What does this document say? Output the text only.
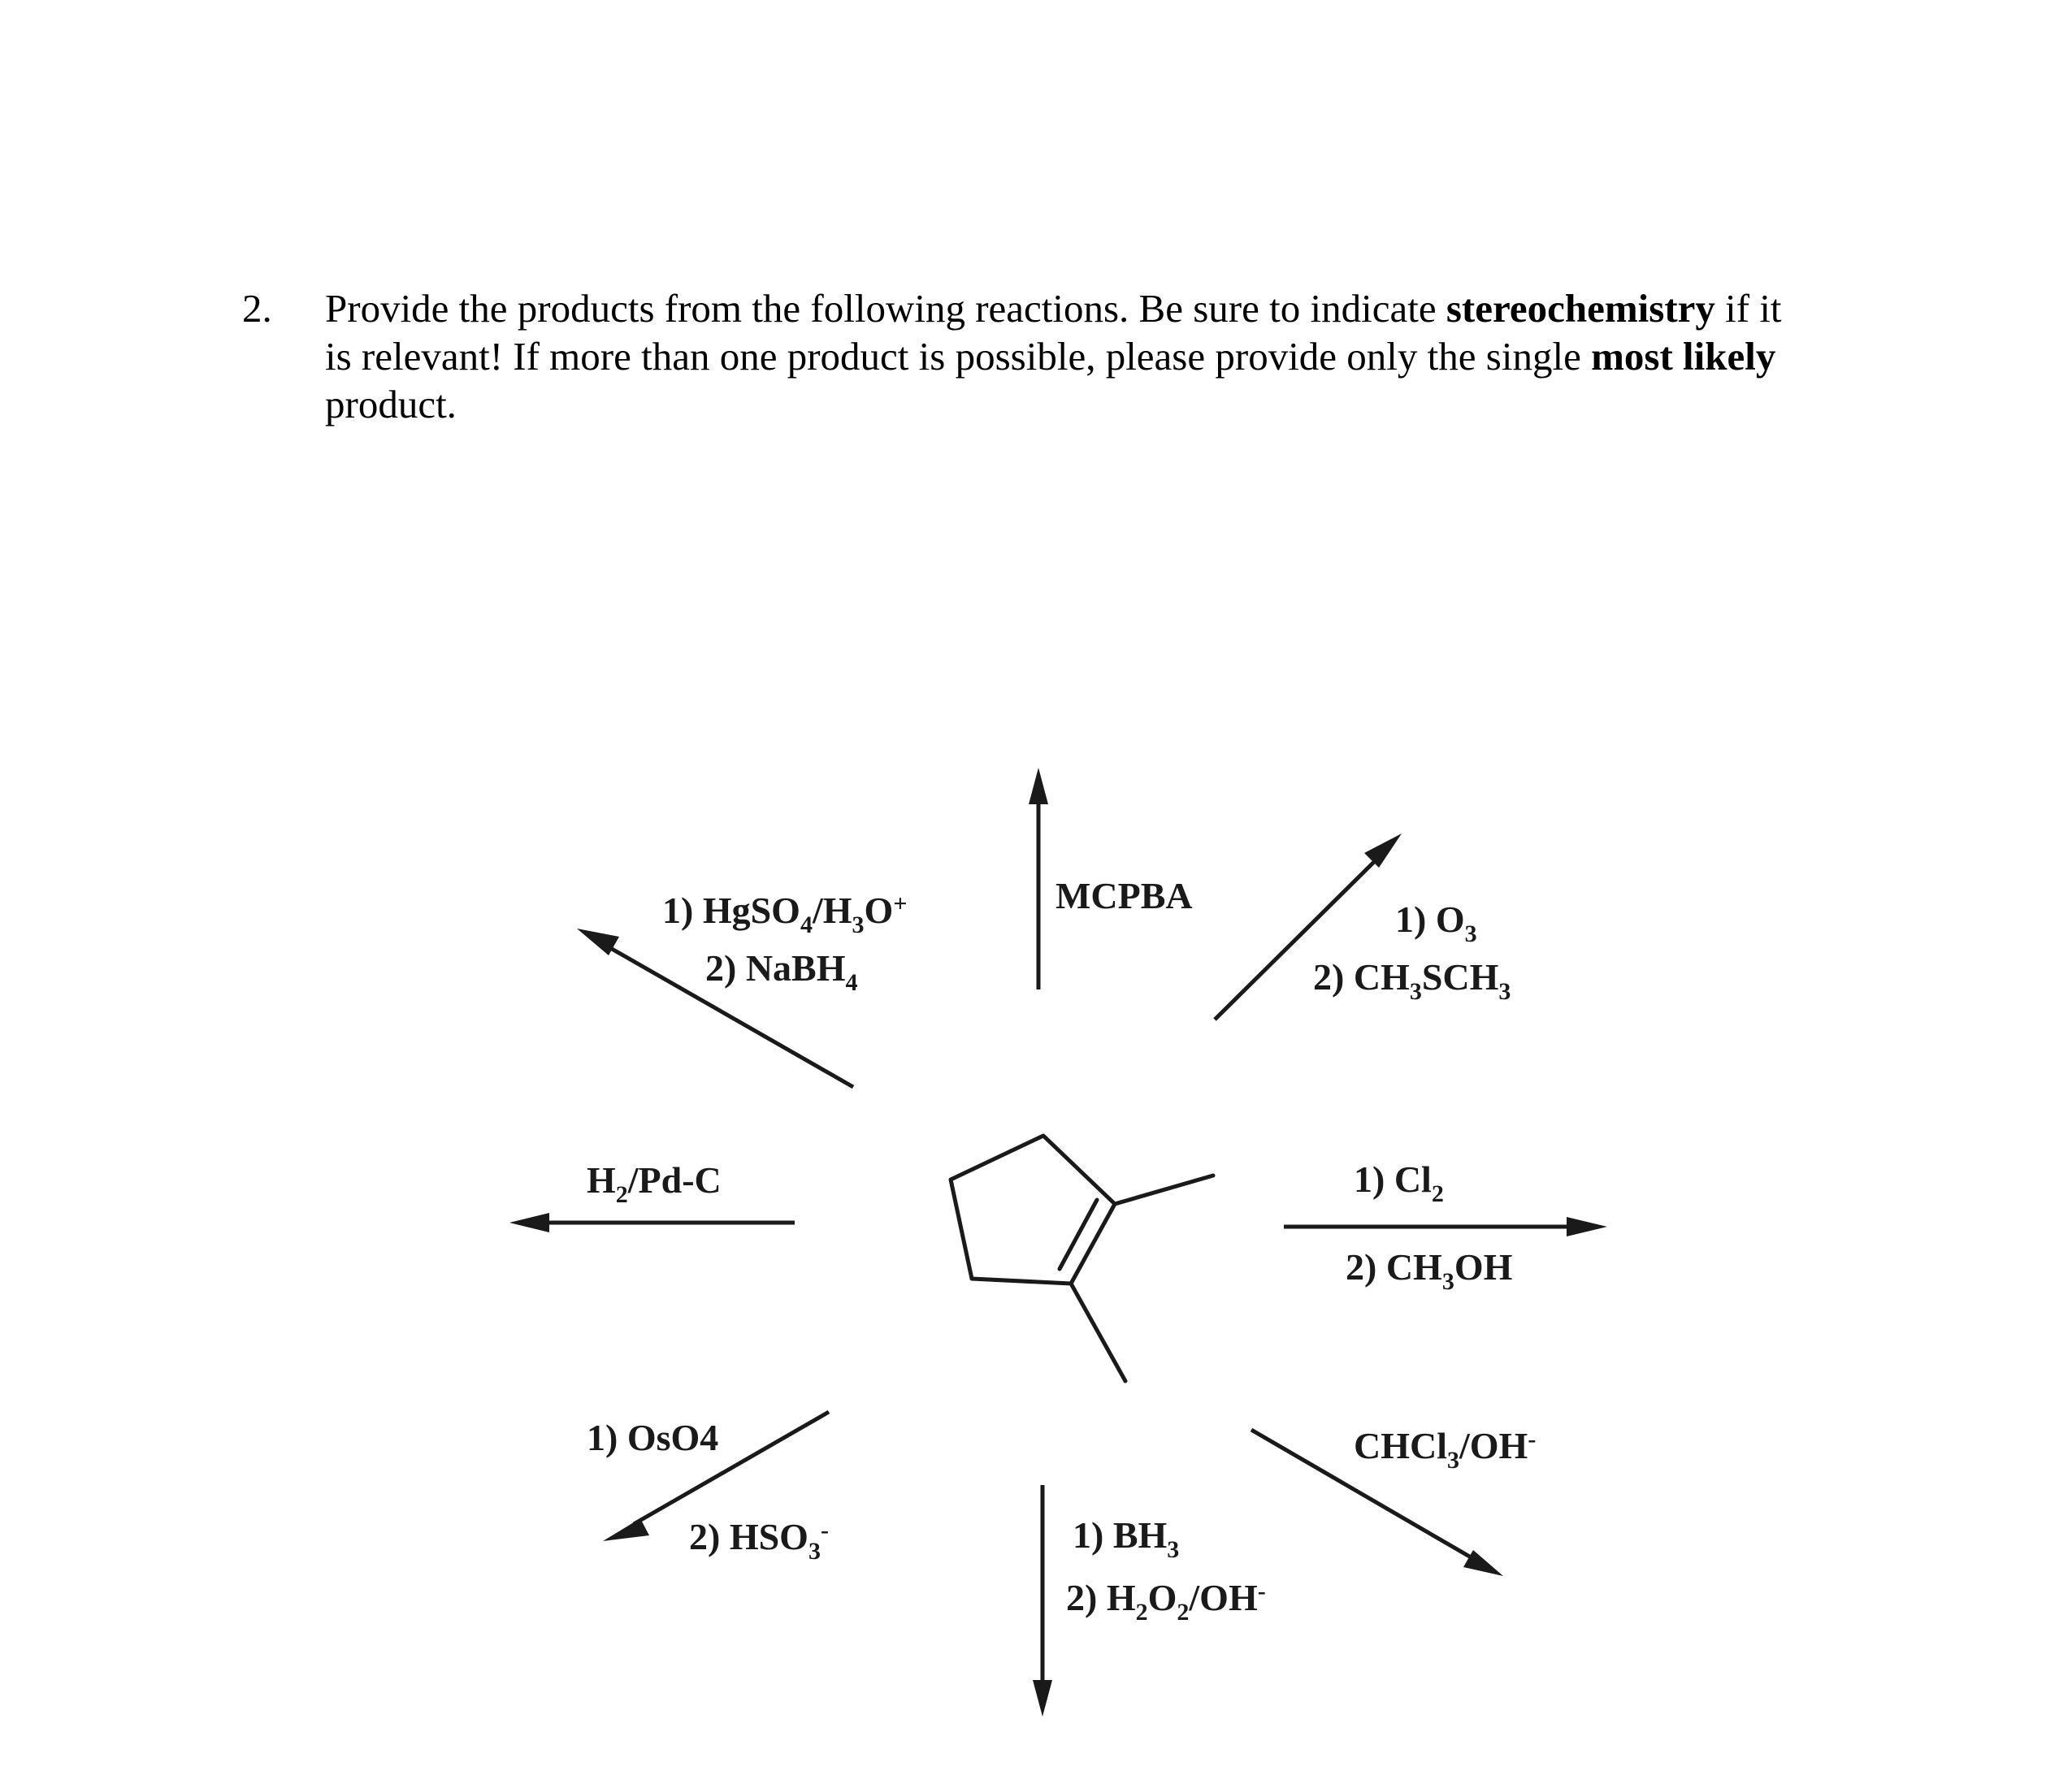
2. Provide the products from the following reactions. Be sure to indicate stereochemistry if it
is relevant! If more than one product is possible, please provide only the single most likely
product.
MCPBA
1) $HgSO_4/H_3O^+$
2) NaBH$_4$
1) $O_3$
2) $CH_3SCH_3$
$H_2/Pd-C$	1) $Cl_2$
2) $CH_3OH$
1) OsO4
2) $HSO_3^-$
CHCl$_3$/OH-
1) $BH_3$
2) $H_2O_2/OH^-$
